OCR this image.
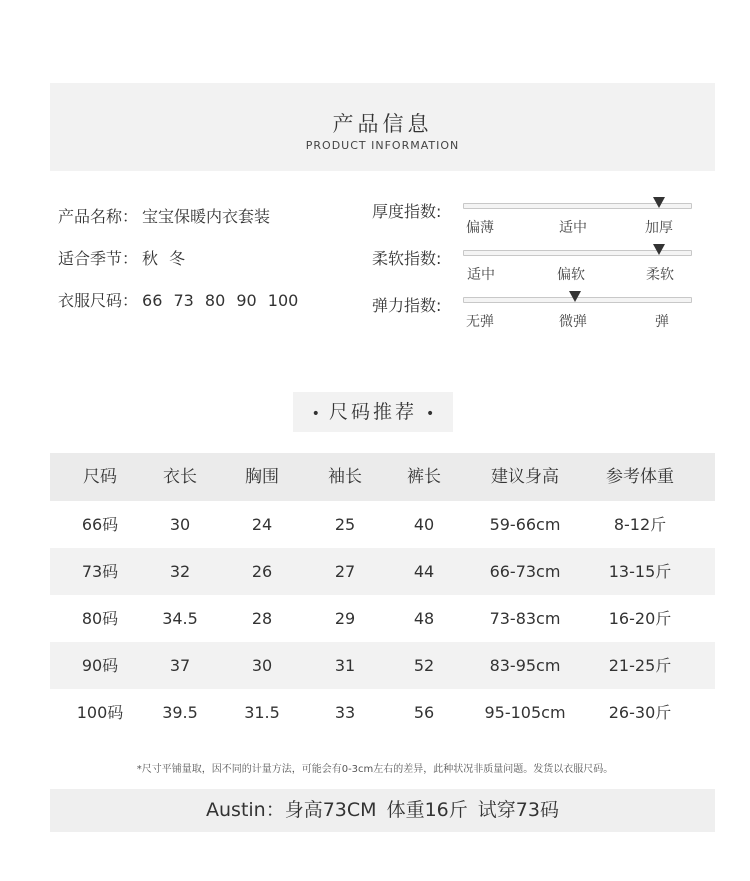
产品信息
PRODUCT INFORMATION
产品名称： 宝宝保暖内衣套装
适合季节： 秋 冬
衣服尺码： 66 73 80 90 100
厚度指数:
偏薄	适中	加厚
柔软指数:
适中	偏软	柔软
弹力指数:
无弹	微弹	弹
• 尺码推荐 •
尺码	衣长	胸围	袖长	裤长	建议身高	参考体重
66码	30	24	25	40	59-66cm	8-12斤
73码	32	26	27	44	66-73cm	13-15斤
80码	34.5	28	29	48	73-83cm	16-20斤
90码	37	30	31	52	83-95cm	21-25斤
100码 39.5	31.5	33	56	95-105cm	26-30斤
*尺寸平铺量取，因不同的计量方法，可能会有0-3cm左右的差异，此种状况非质量问题。发货以衣服尺码。
Austin：身高73CM 体重16斤 试穿73码
